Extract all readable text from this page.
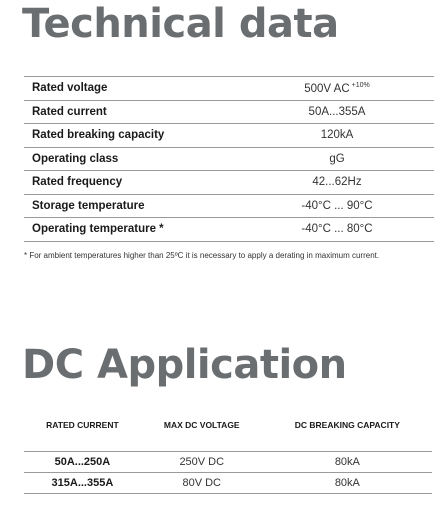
Technical data
Rated voltage	500V AC $^{+10\%}$
Rated current	50A...355A
Rated breaking capacity	120kA
Operating class	gG
Rated frequency	42...62Hz
Storage temperature	-40°C ... 90°C
Operating temperature *	-40°C ... 80°C

* For ambient temperatures higher than 25ºC it is necessary to apply a derating in maximum current.

DC Application
RATED CURRENT	MAX DC VOLTAGE	DC BREAKING CAPACITY

50A...250A	250V DC	80kA
315A...355A	80V DC	80kA
